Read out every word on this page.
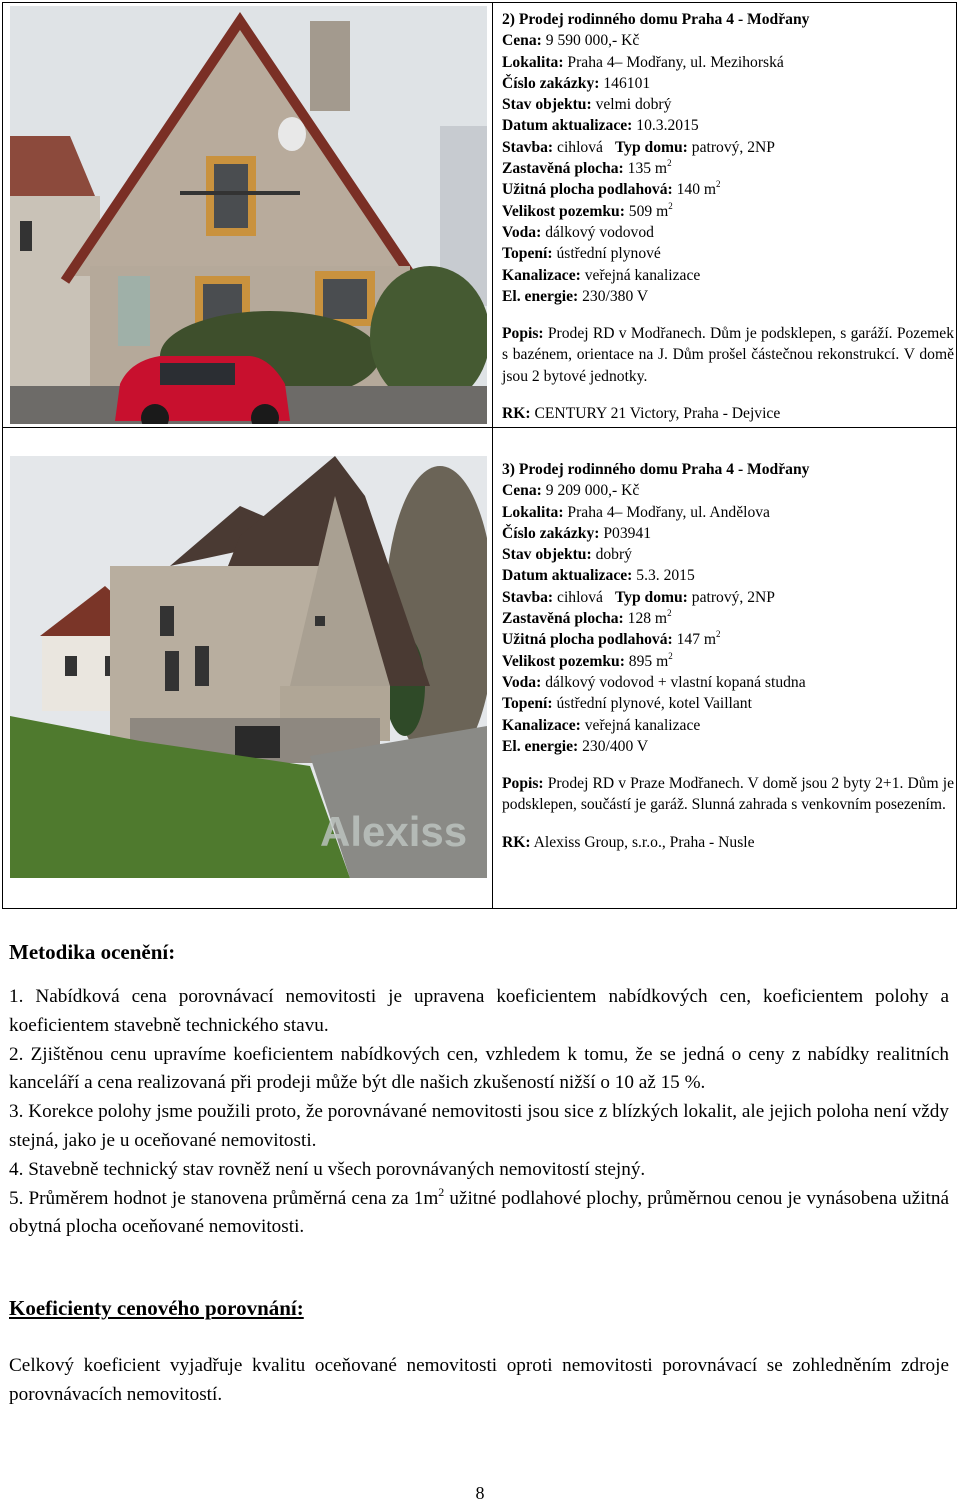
2) Prodej rodinného domu Praha 4 - Modřany
Cena: 9 590 000,- Kč
Lokalita: Praha 4– Modřany, ul. Mezihorská
Číslo zakázky: 146101
Stav objektu: velmi dobrý
Datum aktualizace: 10.3.2015
Stavba: cihlová Typ domu: patrový, 2NP
Zastavěná plocha: 135 $m^2$
Užitná plocha podlahová: 140 $m^2$
Velikost pozemku: 509 $m^2$
Voda: dálkový vodovod
Topení: ústřední plynové
Kanalizace: veřejná kanalizace
El. energie: 230/380 V
Popis: Prodej RD v Modřanech. Dům je podsklepen, s garáží. Pozemek s bazénem, orientace na J. Dům prošel částečnou rekonstrukcí. V domě jsou 2 bytové jednotky.
RK: CENTURY 21 Victory, Praha - Dejvice
Alexiss
3) Prodej rodinného domu Praha 4 - Modřany
Cena: 9 209 000,- Kč
Lokalita: Praha 4– Modřany, ul. Andělova
Číslo zakázky: P03941
Stav objektu: dobrý
Datum aktualizace: 5.3. 2015
Stavba: cihlová Typ domu: patrový, 2NP
Zastavěná plocha: 128 $m^2$
Užitná plocha podlahová: 147 $m^2$
Velikost pozemku: 895 $m^2$
Voda: dálkový vodovod + vlastní kopaná studna
Topení: ústřední plynové, kotel Vaillant
Kanalizace: veřejná kanalizace
El. energie: 230/400 V
Popis: Prodej RD v Praze Modřanech. V domě jsou 2 byty 2+1. Dům je podsklepen, součástí je garáž. Slunná zahrada s venkovním posezením.
RK: Alexiss Group, s.r.o., Praha - Nusle
Metodika ocenění:

1. Nabídková cena porovnávací nemovitosti je upravena koeficientem nabídkových cen, koeficientem polohy a koeficientem stavebně technického stavu.

2. Zjištěnou cenu upravíme koeficientem nabídkových cen, vzhledem k tomu, že se jedná o ceny z nabídky realitních kanceláří a cena realizovaná při prodeji může být dle našich zkušeností nižší o 10 až 15 %.

3. Korekce polohy jsme použili proto, že porovnávané nemovitosti jsou sice z blízkých lokalit, ale jejich poloha není vždy stejná, jako je u oceňované nemovitosti.

4. Stavebně technický stav rovněž není u všech porovnávaných nemovitostí stejný.

5. Průměrem hodnot je stanovena průměrná cena za $1m^2$ užitné podlahové plochy, průměrnou cenou je vynásobena užitná obytná plocha oceňované nemovitosti.

Koeficienty cenového porovnání:

Celkový koeficient vyjadřuje kvalitu oceňované nemovitosti oproti nemovitosti porovnávací se zohledněním zdroje porovnávacích nemovitostí.

8
